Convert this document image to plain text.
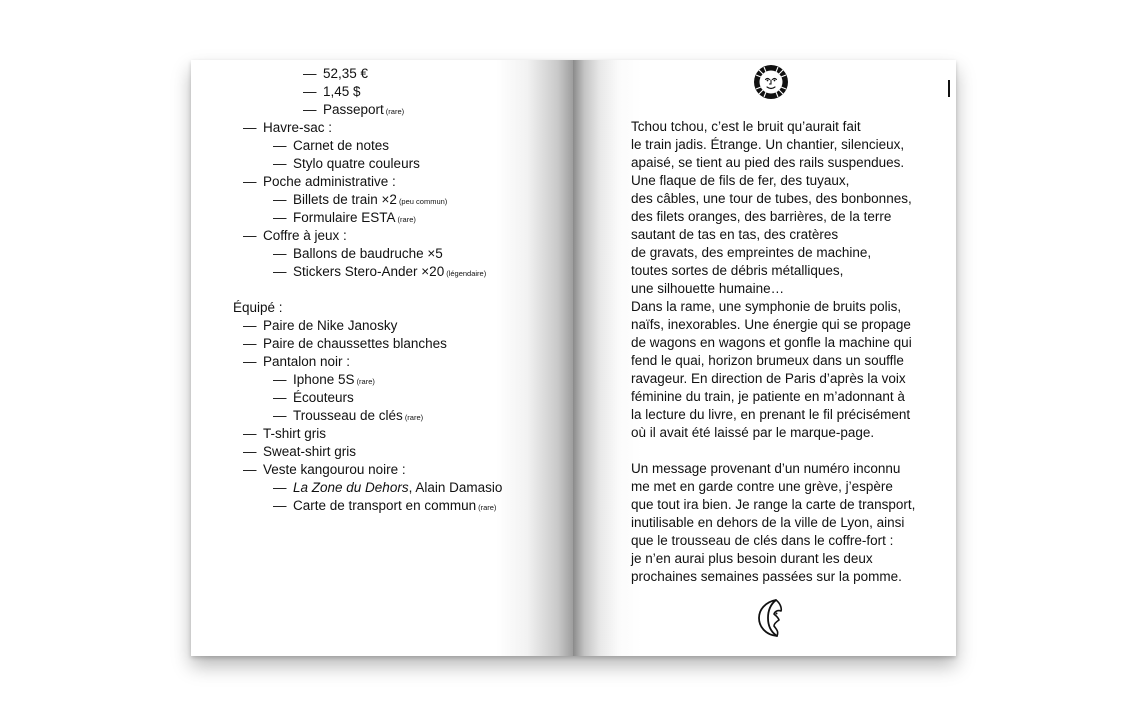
— 52,35 €
— 1,45 $
— Passeport (rare)
— Havre-sac :
— Carnet de notes
— Stylo quatre couleurs
— Poche administrative :
— Billets de train ×2 (peu commun)
— Formulaire ESTA (rare)
— Coffre à jeux :
— Ballons de baudruche ×5
— Stickers Stero-Ander ×20 (légendaire)
Équipé :
— Paire de Nike Janosky
— Paire de chaussettes blanches
— Pantalon noir :
— Iphone 5S (rare)
— Écouteurs
— Trousseau de clés (rare)
— T-shirt gris
— Sweat-shirt gris
— Veste kangourou noire :
— La Zone du Dehors, Alain Damasio
— Carte de transport en commun (rare)

Tchou tchou, c’est le bruit qu’aurait fait

le train jadis. Étrange. Un chantier, silencieux,

apaisé, se tient au pied des rails suspendues.

Une flaque de fils de fer, des tuyaux,

des câbles, une tour de tubes, des bonbonnes,

des filets oranges, des barrières, de la terre

sautant de tas en tas, des cratères

de gravats, des empreintes de machine,

toutes sortes de débris métalliques,

une silhouette humaine…

Dans la rame, une symphonie de bruits polis,

naïfs, inexorables. Une énergie qui se propage

de wagons en wagons et gonfle la machine qui

fend le quai, horizon brumeux dans un souffle

ravageur. En direction de Paris d’après la voix

féminine du train, je patiente en m’adonnant à

la lecture du livre, en prenant le fil précisément

où il avait été laissé par le marque-page.

Un message provenant d’un numéro inconnu

me met en garde contre une grève, j’espère

que tout ira bien. Je range la carte de transport,

inutilisable en dehors de la ville de Lyon, ainsi

que le trousseau de clés dans le coffre-fort :

je n’en aurai plus besoin durant les deux

prochaines semaines passées sur la pomme.
